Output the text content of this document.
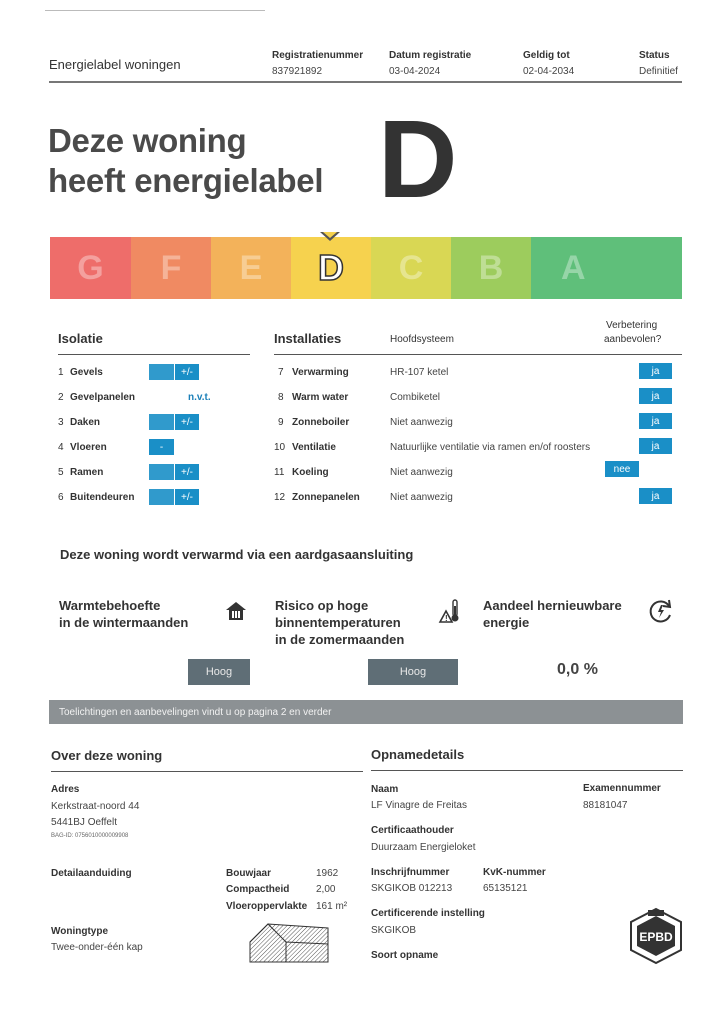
Energielabel woningen
Registratienummer
837921892
Datum registratie
03-04-2024
Geldig tot
02-04-2034
Status
Definitief
Deze woning
heeft energielabel D
G	F	E	D	C	B	A
Isolatie
1 Gevels	+/-
2 Gevelpanelen	n.v.t.
3 Daken	+/-
4 Vloeren	-
5 Ramen	+/-
6 Buitendeuren	+/-
Installaties	Hoofdsysteem
Verbetering
aanbevolen?
7 Verwarming	HR-107 ketel	ja
8 Warm water	Combiketel	ja
9 Zonneboiler	Niet aanwezig	ja
10 Ventilatie	Natuurlijke ventilatie via ramen en/of roosters	ja
11 Koeling	Niet aanwezig	nee
12 Zonnepanelen	Niet aanwezig	ja
Deze woning wordt verwarmd via een aardgasaansluiting
Warmtebehoefte
in de wintermaanden
Hoog
Risico op hoge
binnentemperaturen
in de zomermaanden
!
Hoog
Aandeel hernieuwbare
energie
0,0 %
Toelichtingen en aanbevelingen vindt u op pagina 2 en verder
Over deze woning
Adres
Kerkstraat-noord 44
5441BJ Oeffelt
BAG-ID: 0756010000009908
Detailaanduiding	Bouwjaar	1962
Compactheid	2,00
Vloeroppervlakte 161 m²
Woningtype
Twee-onder-één kap
Opnamedetails
Naam
LF Vinagre de Freitas
Examennummer
88181047
Certificaathouder
Duurzaam Energieloket
Inschrijfnummer
SKGIKOB 012213
KvK-nummer
65135121
Certificerende instelling
SKGIKOB
Soort opname
EPBD
